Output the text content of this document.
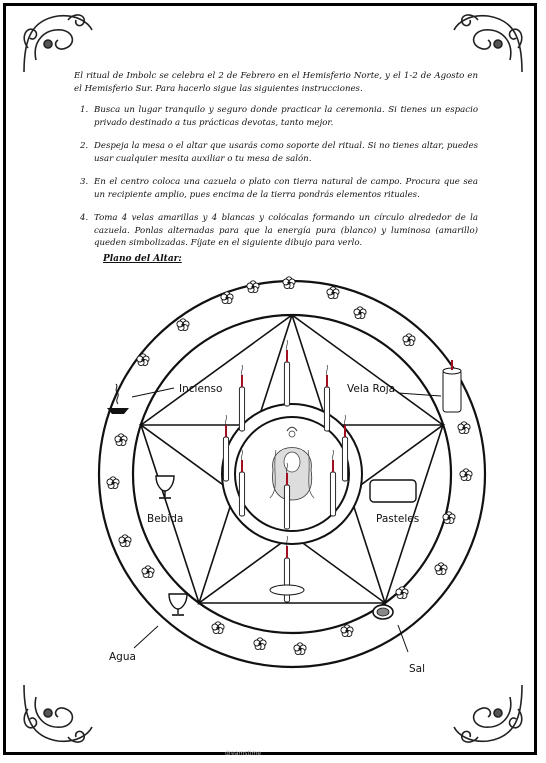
El ritual de Imbolc se celebra el 2 de Febrero en el Hemisferio Norte, y el 1-2 de Agosto en el Hemisferio Sur. Para hacerlo sigue las siguientes instrucciones.
1. Busca un lugar tranquilo y seguro donde practicar la ceremonia. Si tienes un espacio privado destinado a tus prácticas devotas, tanto mejor.
2. Despeja la mesa o el altar que usarás como soporte del ritual. Si no tienes altar, puedes usar cualquier mesita auxiliar o tu mesa de salón.
3. En el centro coloca una cazuela o plato con tierra natural de campo. Procura que sea un recipiente amplio, pues encima de la tierra pondrás elementos rituales.
4. Toma 4 velas amarillas y 4 blancas y colócalas formando un círculo alrededor de la cazuela. Ponlas alternadas para que la energía pura (blanco) y luminosa (amarillo) queden simbolizadas. Fíjate en el siguiente dibujo para verlo.
Plano del Altar:
Incienso	Vela Roja
Bebida	Pasteles
Agua
Sal
dreamstime
